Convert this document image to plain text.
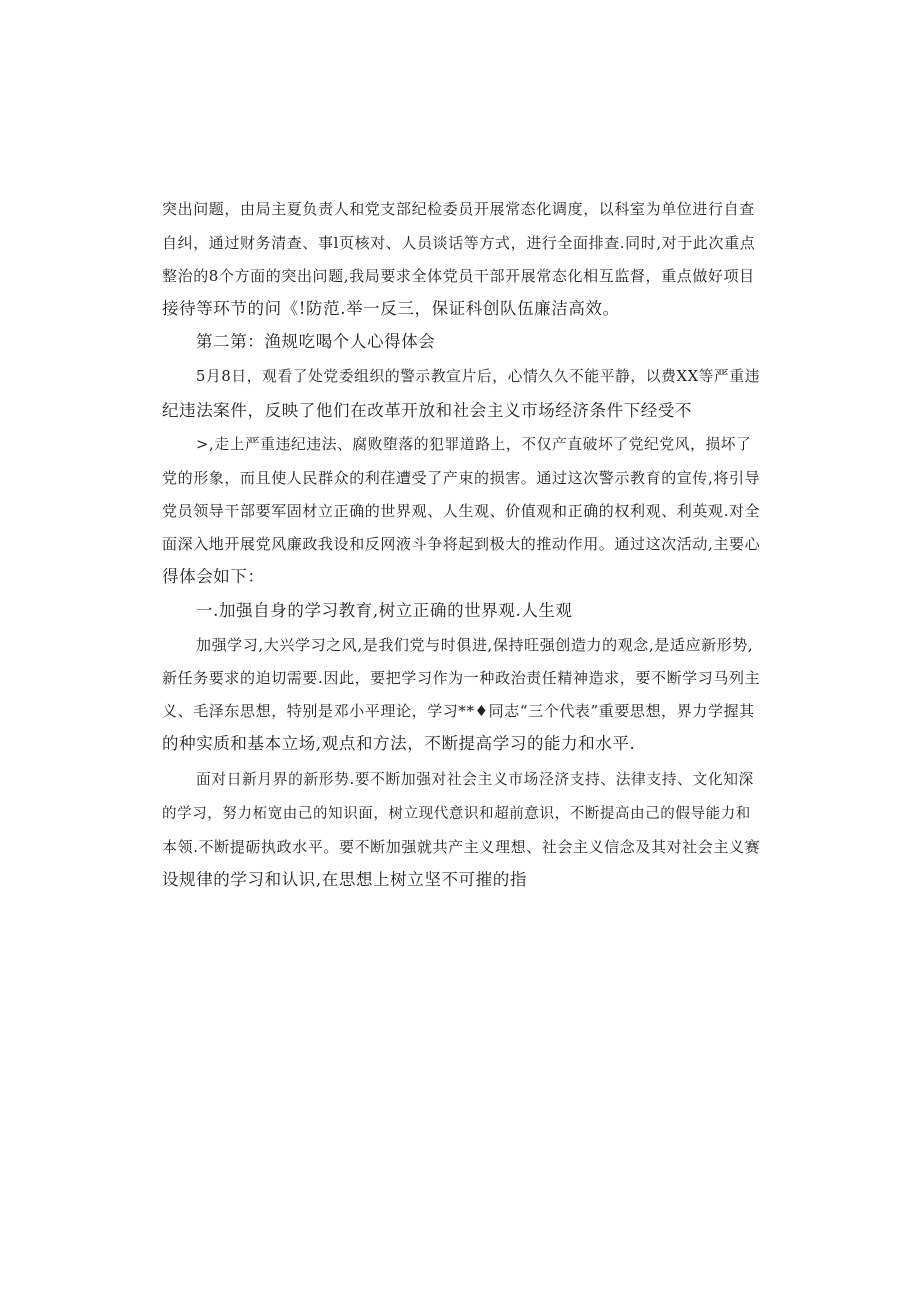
突出问题，由局主夏负责人和党支部纪检委员开展常态化调度，以科室为单位进行自查
自纠，通过财务清查、事l页核对、人员谈话等方式，进行全面排查.同时,对于此次重点
整治的8个方面的突出问题,我局要求全体党员干部开展常态化相互监督，重点做好项目
接待等环节的问《!防范.举一反三，保证科创队伍廉洁高效。
第二第：渔规吃喝个人心得体会
5月8日，观看了处党委组织的警示教宣片后，心情久久不能平静，以费XX等严重违
纪违法案件，反映了他们在改革开放和社会主义市场经济条件下经受不
>,走上严重违纪违法、腐败堕落的犯罪道路上，不仅产直破坏了党纪党风，损坏了
党的形象，而且使人民群众的利荏遭受了产束的损害。通过这次警示教育的宣传,将引导
党员领导干部要军固材立正确的世界观、人生观、价值观和正确的权利观、利英观.对全
面深入地开展党风廉政我设和反网液斗争将起到极大的推动作用。通过这次活动,主要心
得体会如下：
一.加强自身的学习教育,树立正确的世界观.人生观
加强学习,大兴学习之风,是我们党与时俱进,保持旺强创造力的观念,是适应新形势,
新任务要求的迫切需要.因此，要把学习作为一种政治责任精神造求，要不断学习马列主
义、毛泽东思想，特别是邓小平理论，学习**♦同志“三个代表”重要思想，界力学握其
的种实质和基本立场,观点和方法，不断提高学习的能力和水平.
面对日新月界的新形势.要不断加强对社会主义市场泾济支持、法律支持、文化知深
的学习，努力柘宽由己的知识面，树立现代意识和超前意识，不断提高由己的假导能力和
本领.不断提砺执政水平。要不断加强就共产主义理想、社会主义信念及其对社会主义赛
设规律的学习和认识,在思想上树立坚不可摧的指
